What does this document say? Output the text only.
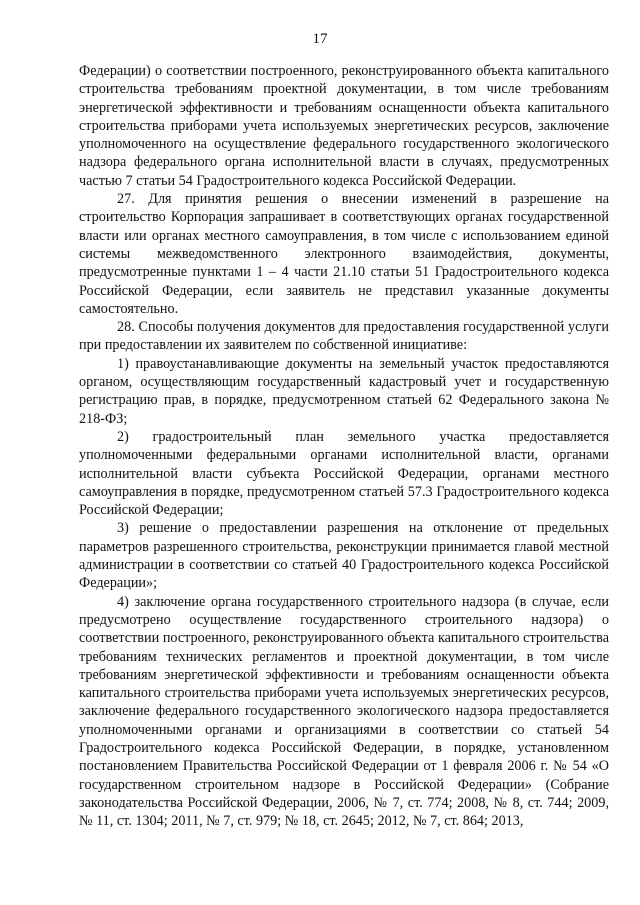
17

Федерации) о соответствии построенного, реконструированного объекта капитального строительства требованиям проектной документации, в том числе требованиям энергетической эффективности и требованиям оснащенности объекта капитального строительства приборами учета используемых энергетических ресурсов, заключение уполномоченного на осуществление федерального государственного экологического надзора федерального органа исполнительной власти в случаях, предусмотренных частью 7 статьи 54 Градостроительного кодекса Российской Федерации.

27. Для принятия решения о внесении изменений в разрешение на строительство Корпорация запрашивает в соответствующих органах государственной власти или органах местного самоуправления, в том числе с использованием единой системы межведомственного электронного взаимодействия, документы, предусмотренные пунктами 1 – 4 части 21.10 статьи 51 Градостроительного кодекса Российской Федерации, если заявитель не представил указанные документы самостоятельно.

28. Способы получения документов для предоставления государственной услуги при предоставлении их заявителем по собственной инициативе:

1) правоустанавливающие документы на земельный участок предоставляются органом, осуществляющим государственный кадастровый учет и государственную регистрацию прав, в порядке, предусмотренном статьей 62 Федерального закона № 218-ФЗ;

2) градостроительный план земельного участка предоставляется уполномоченными федеральными органами исполнительной власти, органами исполнительной власти субъекта Российской Федерации, органами местного самоуправления в порядке, предусмотренном статьей 57.3 Градостроительного кодекса Российской Федерации;

3) решение о предоставлении разрешения на отклонение от предельных параметров разрешенного строительства, реконструкции принимается главой местной администрации в соответствии со статьей 40 Градостроительного кодекса Российской Федерации»;

4) заключение органа государственного строительного надзора (в случае, если предусмотрено осуществление государственного строительного надзора) о соответствии построенного, реконструированного объекта капитального строительства требованиям технических регламентов и проектной документации, в том числе требованиям энергетической эффективности и требованиям оснащенности объекта капитального строительства приборами учета используемых энергетических ресурсов, заключение федерального государственного экологического надзора предоставляется уполномоченными органами и организациями в соответствии со статьей 54 Градостроительного кодекса Российской Федерации, в порядке, установленном постановлением Правительства Российской Федерации от 1 февраля 2006 г. № 54 «О государственном строительном надзоре в Российской Федерации» (Собрание законодательства Российской Федерации, 2006, № 7, ст. 774; 2008, № 8, ст. 744; 2009, № 11, ст. 1304; 2011, № 7, ст. 979; № 18, ст. 2645; 2012, № 7, ст. 864; 2013,
